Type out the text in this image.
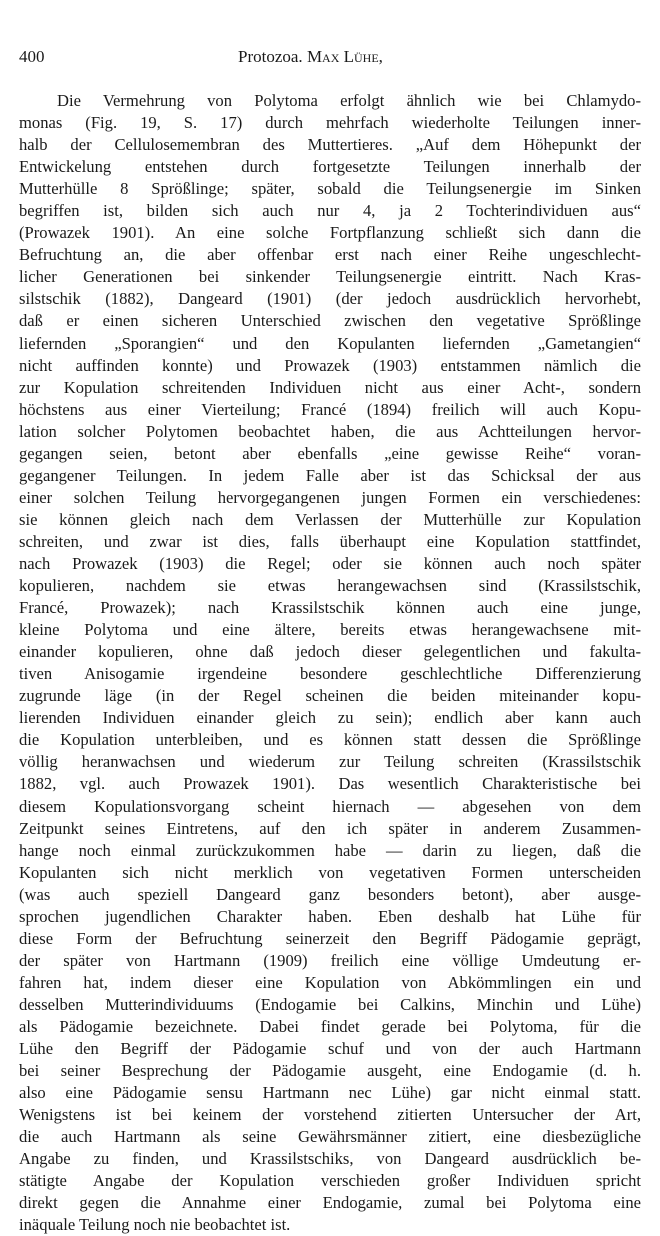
400	Protozoa. Max Lühe,
Die Vermehrung von Polytoma erfolgt ähnlich wie bei Chlamydo-
monas (Fig. 19, S. 17) durch mehrfach wiederholte Teilungen inner-
halb der Cellulosemembran des Muttertieres. „Auf dem Höhepunkt der
Entwickelung entstehen durch fortgesetzte Teilungen innerhalb der
Mutterhülle 8 Sprößlinge; später, sobald die Teilungsenergie im Sinken
begriffen ist, bilden sich auch nur 4, ja 2 Tochterindividuen aus“
(Prowazek 1901). An eine solche Fortpflanzung schließt sich dann die
Befruchtung an, die aber offenbar erst nach einer Reihe ungeschlecht-
licher Generationen bei sinkender Teilungsenergie eintritt. Nach Kras-
silstschik (1882), Dangeard (1901) (der jedoch ausdrücklich hervorhebt,
daß er einen sicheren Unterschied zwischen den vegetative Sprößlinge
liefernden „Sporangien“ und den Kopulanten liefernden „Gametangien“
nicht auffinden konnte) und Prowazek (1903) entstammen nämlich die
zur Kopulation schreitenden Individuen nicht aus einer Acht-, sondern
höchstens aus einer Vierteilung; Francé (1894) freilich will auch Kopu-
lation solcher Polytomen beobachtet haben, die aus Achtteilungen hervor-
gegangen seien, betont aber ebenfalls „eine gewisse Reihe“ voran-
gegangener Teilungen. In jedem Falle aber ist das Schicksal der aus
einer solchen Teilung hervorgegangenen jungen Formen ein verschiedenes:
sie können gleich nach dem Verlassen der Mutterhülle zur Kopulation
schreiten, und zwar ist dies, falls überhaupt eine Kopulation stattfindet,
nach Prowazek (1903) die Regel; oder sie können auch noch später
kopulieren, nachdem sie etwas herangewachsen sind (Krassilstschik,
Francé, Prowazek); nach Krassilstschik können auch eine junge,
kleine Polytoma und eine ältere, bereits etwas herangewachsene mit-
einander kopulieren, ohne daß jedoch dieser gelegentlichen und fakulta-
tiven Anisogamie irgendeine besondere geschlechtliche Differenzierung
zugrunde läge (in der Regel scheinen die beiden miteinander kopu-
lierenden Individuen einander gleich zu sein); endlich aber kann auch
die Kopulation unterbleiben, und es können statt dessen die Sprößlinge
völlig heranwachsen und wiederum zur Teilung schreiten (Krassilstschik
1882, vgl. auch Prowazek 1901). Das wesentlich Charakteristische bei
diesem Kopulationsvorgang scheint hiernach — abgesehen von dem
Zeitpunkt seines Eintretens, auf den ich später in anderem Zusammen-
hange noch einmal zurückzukommen habe — darin zu liegen, daß die
Kopulanten sich nicht merklich von vegetativen Formen unterscheiden
(was auch speziell Dangeard ganz besonders betont), aber ausge-
sprochen jugendlichen Charakter haben. Eben deshalb hat Lühe für
diese Form der Befruchtung seinerzeit den Begriff Pädogamie geprägt,
der später von Hartmann (1909) freilich eine völlige Umdeutung er-
fahren hat, indem dieser eine Kopulation von Abkömmlingen ein und
desselben Mutterindividuums (Endogamie bei Calkins, Minchin und Lühe)
als Pädogamie bezeichnete. Dabei findet gerade bei Polytoma, für die
Lühe den Begriff der Pädogamie schuf und von der auch Hartmann
bei seiner Besprechung der Pädogamie ausgeht, eine Endogamie (d. h.
also eine Pädogamie sensu Hartmann nec Lühe) gar nicht einmal statt.
Wenigstens ist bei keinem der vorstehend zitierten Untersucher der Art,
die auch Hartmann als seine Gewährsmänner zitiert, eine diesbezügliche
Angabe zu finden, und Krassilstschiks, von Dangeard ausdrücklich be-
stätigte Angabe der Kopulation verschieden großer Individuen spricht
direkt gegen die Annahme einer Endogamie, zumal bei Polytoma eine
inäquale Teilung noch nie beobachtet ist.
